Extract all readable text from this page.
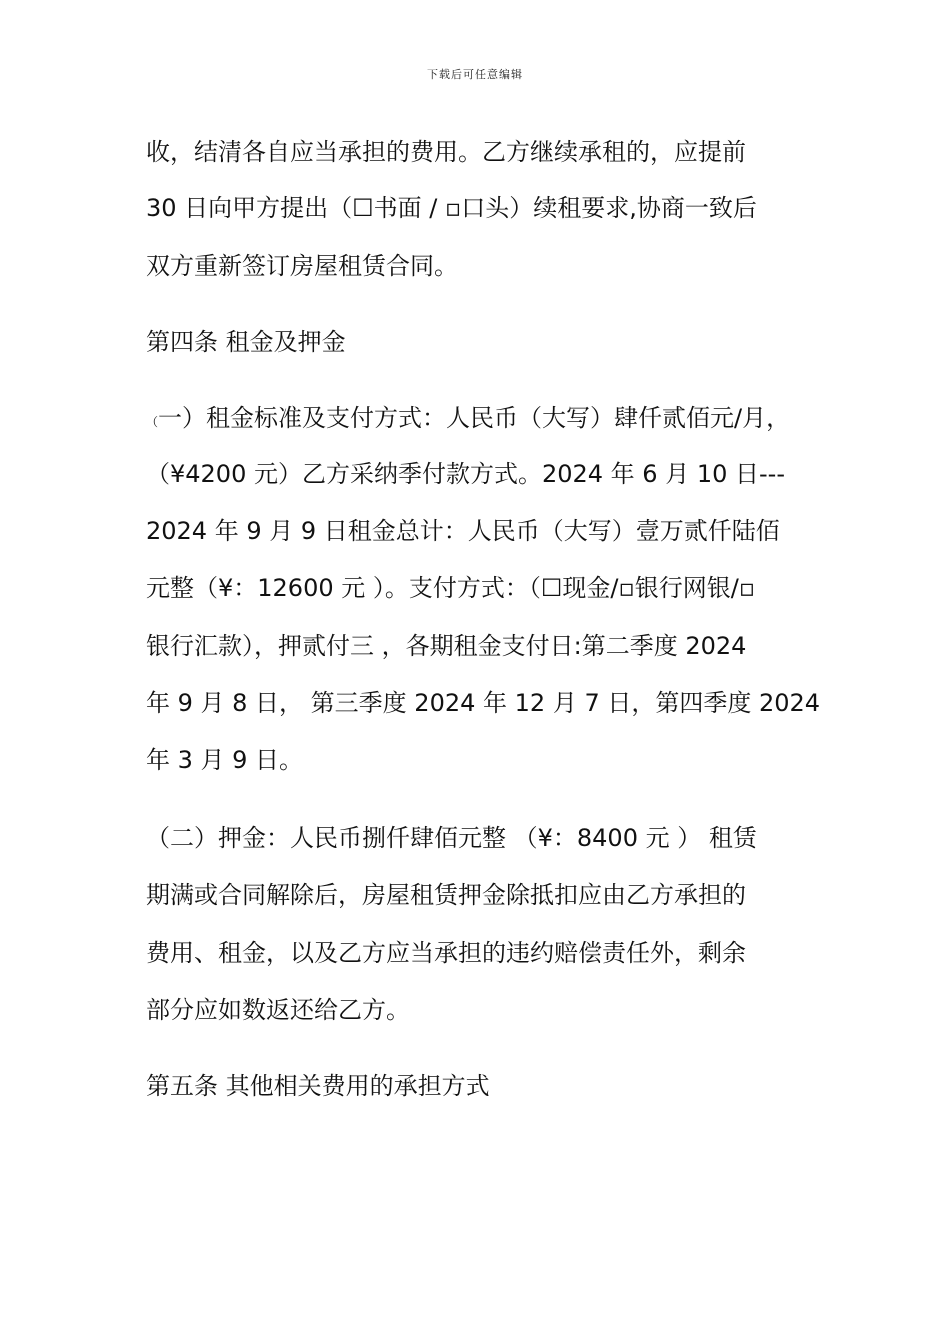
下载后可任意编辑
收，结清各自应当承担的费用。乙方继续承租的，应提前
30 日向甲方提出（☐书面 / ▫口头）续租要求,协商一致后
双方重新签订房屋租赁合同。
第四条 租金及押金
（一）租金标准及支付方式：人民币（大写）肆仟贰佰元/月，
（¥4200 元）乙方采纳季付款方式。2024 年 6 月 10 日---
2024 年 9 月 9 日租金总计：人民币（大写）壹万贰仟陆佰
元整（¥：12600 元 ）。支付方式：（☐现金/▫银行网银/▫
银行汇款），押贰付三 ，各期租金支付日:第二季度 2024
年 9 月 8 日， 第三季度 2024 年 12 月 7 日，第四季度 2024
年 3 月 9 日。
（二）押金：人民币捌仟肆佰元整 （¥：8400 元 ） 租赁
期满或合同解除后，房屋租赁押金除抵扣应由乙方承担的
费用、租金，以及乙方应当承担的违约赔偿责任外，剩余
部分应如数返还给乙方。
第五条 其他相关费用的承担方式
